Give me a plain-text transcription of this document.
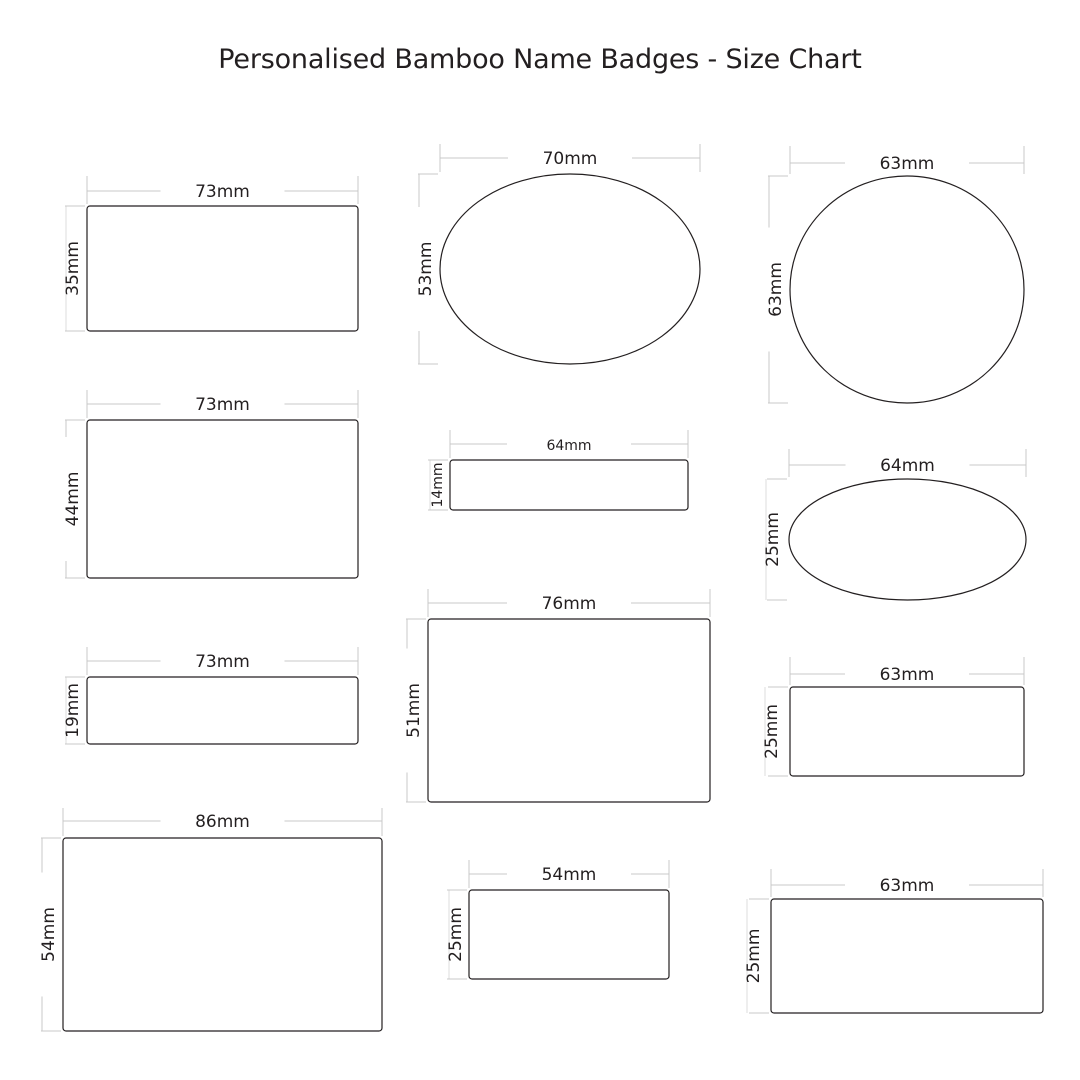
Personalised Bamboo Name Badges - Size Chart
73mm
35mm
73mm
44mm
73mm
19mm
86mm
54mm
70mm
53mm
64mm
14mm
76mm
51mm
54mm
25mm
63mm
63mm
64mm
25mm
63mm
25mm
63mm
25mm
